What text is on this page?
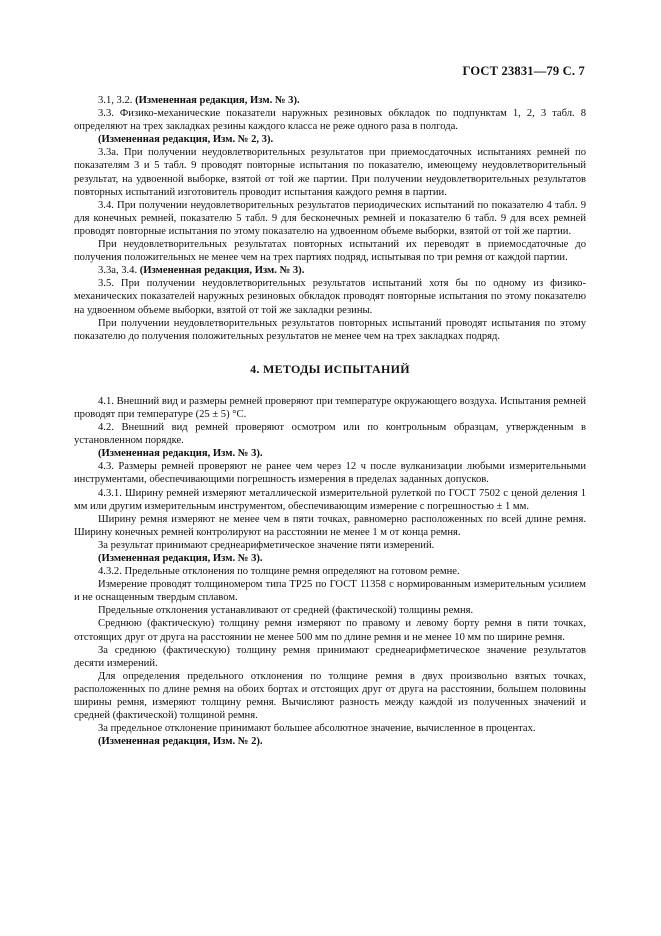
ГОСТ 23831—79 С. 7

3.1, 3.2. (Измененная редакция, Изм. № 3).

3.3. Физико-механические показатели наружных резиновых обкладок по подпунктам 1, 2, 3 табл. 8 определяют на трех закладках резины каждого класса не реже одного раза в полгода.

(Измененная редакция, Изм. № 2, 3).

3.3а. При получении неудовлетворительных результатов при приемосдаточных испытаниях ремней по показателям 3 и 5 табл. 9 проводят повторные испытания по показателю, имеющему неудовлетворительный результат, на удвоенной выборке, взятой от той же партии. При получении неудовлетворительных результатов повторных испытаний изготовитель проводит испытания каждого ремня в партии.

3.4. При получении неудовлетворительных результатов периодических испытаний по показателю 4 табл. 9 для конечных ремней, показателю 5 табл. 9 для бесконечных ремней и показателю 6 табл. 9 для всех ремней проводят повторные испытания по этому показателю на удвоенном объеме выборки, взятой от той же партии.

При неудовлетворительных результатах повторных испытаний их переводят в приемосдаточные до получения положительных не менее чем на трех партиях подряд, испытывая по три ремня от каждой партии.

3.3а, 3.4. (Измененная редакция, Изм. № 3).

3.5. При получении неудовлетворительных результатов испытаний хотя бы по одному из физико-механических показателей наружных резиновых обкладок проводят повторные испытания по этому показателю на удвоенном объеме выборки, взятой от той же закладки резины.

При получении неудовлетворительных результатов повторных испытаний проводят испытания по этому показателю до получения положительных результатов не менее чем на трех закладках подряд.

4. МЕТОДЫ ИСПЫТАНИЙ

4.1. Внешний вид и размеры ремней проверяют при температуре окружающего воздуха. Испытания ремней проводят при температуре (25 ± 5) °С.

4.2. Внешний вид ремней проверяют осмотром или по контрольным образцам, утвержденным в установленном порядке.

(Измененная редакция, Изм. № 3).

4.3. Размеры ремней проверяют не ранее чем через 12 ч после вулканизации любыми измерительными инструментами, обеспечивающими погрешность измерения в пределах заданных допусков.

4.3.1. Ширину ремней измеряют металлической измерительной рулеткой по ГОСТ 7502 с ценой деления 1 мм или другим измерительным инструментом, обеспечивающим измерение с погрешностью ± 1 мм.

Ширину ремня измеряют не менее чем в пяти точках, равномерно расположенных по всей длине ремня. Ширину конечных ремней контролируют на расстоянии не менее 1 м от конца ремня.

За результат принимают среднеарифметическое значение пяти измерений.

(Измененная редакция, Изм. № 3).

4.3.2. Предельные отклонения по толщине ремня определяют на готовом ремне.

Измерение проводят толщиномером типа ТР25 по ГОСТ 11358 с нормированным измерительным усилием и не оснащенным твердым сплавом.

Предельные отклонения устанавливают от средней (фактической) толщины ремня.

Среднюю (фактическую) толщину ремня измеряют по правому и левому борту ремня в пяти точках, отстоящих друг от друга на расстоянии не менее 500 мм по длине ремня и не менее 10 мм по ширине ремня.

За среднюю (фактическую) толщину ремня принимают среднеарифметическое значение результатов десяти измерений.

Для определения предельного отклонения по толщине ремня в двух произвольно взятых точках, расположенных по длине ремня на обоих бортах и отстоящих друг от друга на расстоянии, большем половины ширины ремня, измеряют толщину ремня. Вычисляют разность между каждой из полученных значений и средней (фактической) толщиной ремня.

За предельное отклонение принимают большее абсолютное значение, вычисленное в процентах.

(Измененная редакция, Изм. № 2).
